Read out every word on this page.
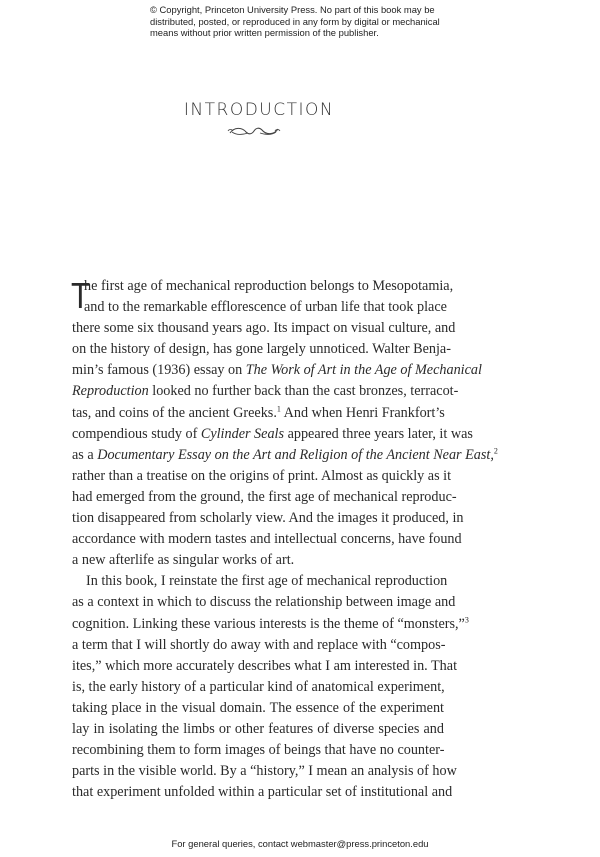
© Copyright, Princeton University Press. No part of this book may be
distributed, posted, or reproduced in any form by digital or mechanical
means without prior written permission of the publisher.
INTRODUCTION
T
he first age of mechanical reproduction belongs to Mesopotamia,
and to the remarkable efflorescence of urban life that took place
there some six thousand years ago. Its impact on visual culture, and
on the history of design, has gone largely unnoticed. Walter Benja-
min’s famous (1936) essay on The Work of Art in the Age of Mechanical
Reproduction looked no further back than the cast bronzes, terracot-
tas, and coins of the ancient Greeks.$^1$ And when Henri Frankfort’s
compendious study of Cylinder Seals appeared three years later, it was
as a Documentary Essay on the Art and Religion of the Ancient Near East,$^2$
rather than a treatise on the origins of print. Almost as quickly as it
had emerged from the ground, the first age of mechanical reproduc-
tion disappeared from scholarly view. And the images it produced, in
accordance with modern tastes and intellectual concerns, have found
a new afterlife as singular works of art.
In this book, I reinstate the first age of mechanical reproduction
as a context in which to discuss the relationship between image and
cognition. Linking these various interests is the theme of “monsters,”$^3$
a term that I will shortly do away with and replace with “compos-
ites,” which more accurately describes what I am interested in. That
is, the early history of a particular kind of anatomical experiment,
taking place in the visual domain. The essence of the experiment
lay in isolating the limbs or other features of diverse species and
recombining them to form images of beings that have no counter-
parts in the visible world. By a “history,” I mean an analysis of how
that experiment unfolded within a particular set of institutional and
For general queries, contact webmaster@press.princeton.edu
